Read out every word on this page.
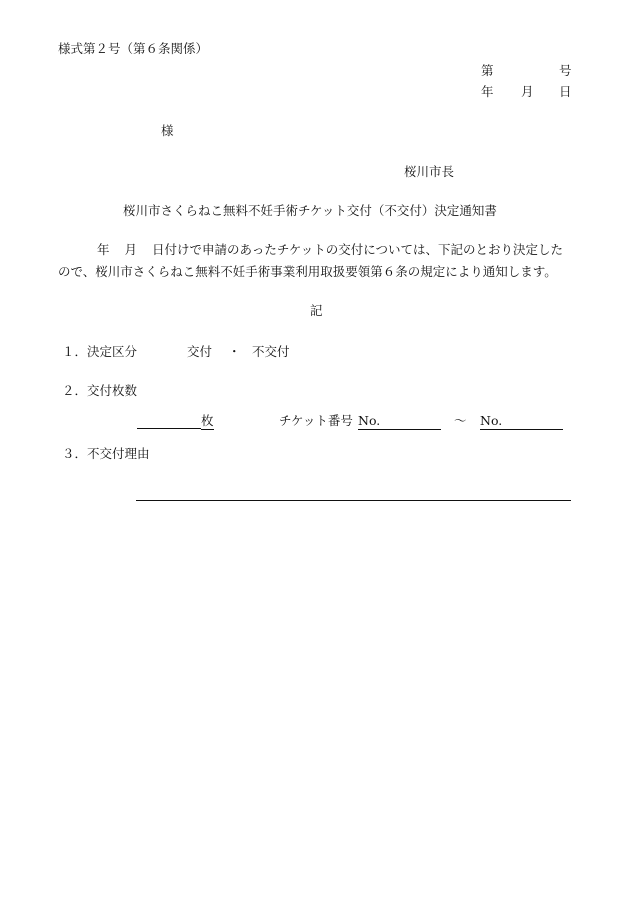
様式第２号（第６条関係）
第	号
年 月 日
様
桜川市長
桜川市さくらねこ無料不妊手術チケット交付（不交付）決定通知書
年 月 日付けで申請のあったチケットの交付については、下記のとおり決定した
ので、桜川市さくらねこ無料不妊手術事業利用取扱要領第６条の規定により通知します。
記
１．決定区分	交付 ・ 不交付
２．交付枚数
枚	チケット番号 No.	～ No.
３．不交付理由
